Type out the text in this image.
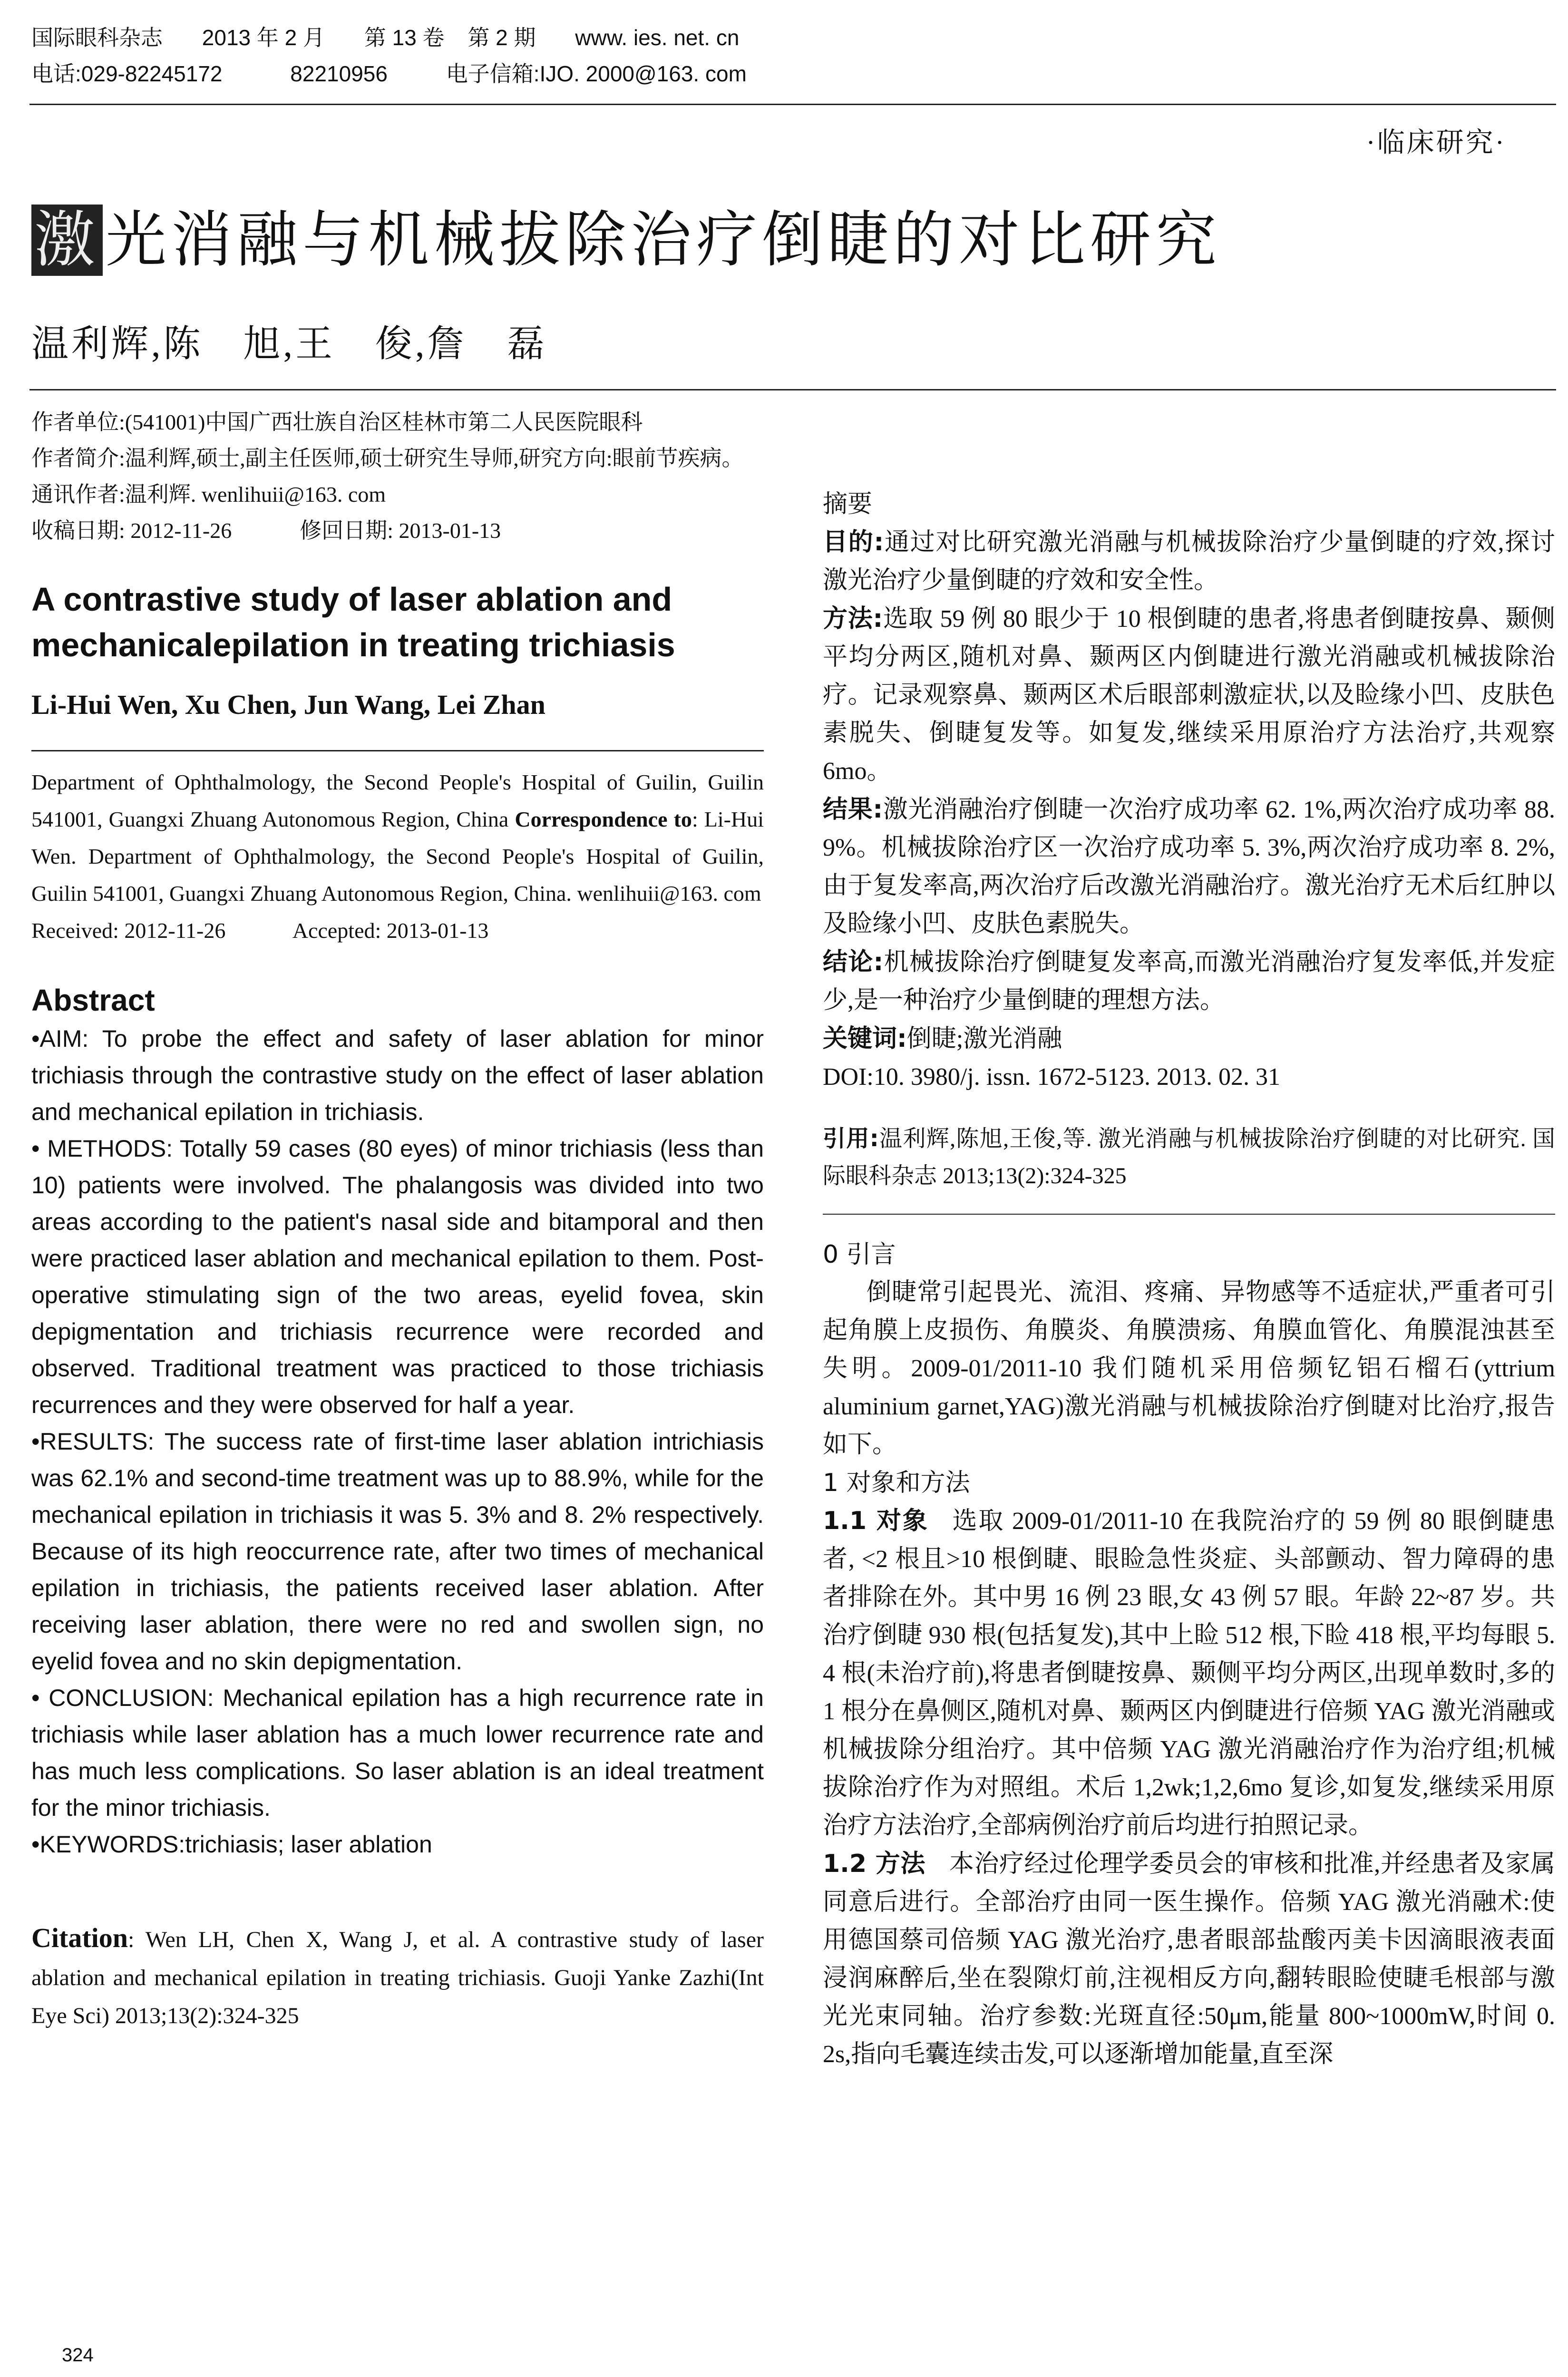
国际眼科杂志 2013 年 2 月 第 13 卷 第 2 期 www. ies. net. cn
电话:029-82245172	82210956	电子信箱:IJO. 2000@163. com
·临床研究·
激光消融与机械拔除治疗倒睫的对比研究
温利辉,陈　旭,王　俊,詹　磊

作者单位:(541001)中国广西壮族自治区桂林市第二人民医院眼科

作者简介:温利辉,硕士,副主任医师,硕士研究生导师,研究方向:眼前节疾病。

通讯作者:温利辉. wenlihuii@163. com

收稿日期: 2012-11-26	修回日期: 2013-01-13

A contrastive study of laser ablation and mechanicalepilation in treating trichiasis
Li-Hui Wen, Xu Chen, Jun Wang, Lei Zhan
Department of Ophthalmology, the Second People's Hospital of Guilin, Guilin 541001, Guangxi Zhuang Autonomous Region, China Correspondence to: Li-Hui Wen. Department of Ophthalmology, the Second People's Hospital of Guilin, Guilin 541001, Guangxi Zhuang Autonomous Region, China. wenlihuii@163. com
Received: 2012-11-26	Accepted: 2013-01-13
Abstract

•AIM: To probe the effect and safety of laser ablation for minor trichiasis through the contrastive study on the effect of laser ablation and mechanical epilation in trichiasis.

• METHODS: Totally 59 cases (80 eyes) of minor trichiasis (less than 10) patients were involved. The phalangosis was divided into two areas according to the patient's nasal side and bitamporal and then were practiced laser ablation and mechanical epilation to them. Post-operative stimulating sign of the two areas, eyelid fovea, skin depigmentation and trichiasis recurrence were recorded and observed. Traditional treatment was practiced to those trichiasis recurrences and they were observed for half a year.

•RESULTS: The success rate of first-time laser ablation intrichiasis was 62.1% and second-time treatment was up to 88.9%, while for the mechanical epilation in trichiasis it was 5. 3% and 8. 2% respectively. Because of its high reoccurrence rate, after two times of mechanical epilation in trichiasis, the patients received laser ablation. After receiving laser ablation, there were no red and swollen sign, no eyelid fovea and no skin depigmentation.

• CONCLUSION: Mechanical epilation has a high recurrence rate in trichiasis while laser ablation has a much lower recurrence rate and has much less complications. So laser ablation is an ideal treatment for the minor trichiasis.

•KEYWORDS:trichiasis; laser ablation

Citation: Wen LH, Chen X, Wang J, et al. A contrastive study of laser ablation and mechanical epilation in treating trichiasis. Guoji Yanke Zazhi(Int Eye Sci) 2013;13(2):324-325
324
摘要

目的:通过对比研究激光消融与机械拔除治疗少量倒睫的疗效,探讨激光治疗少量倒睫的疗效和安全性。

方法:选取 59 例 80 眼少于 10 根倒睫的患者,将患者倒睫按鼻、颞侧平均分两区,随机对鼻、颞两区内倒睫进行激光消融或机械拔除治疗。记录观察鼻、颞两区术后眼部刺激症状,以及睑缘小凹、皮肤色素脱失、倒睫复发等。如复发,继续采用原治疗方法治疗,共观察 6mo。

结果:激光消融治疗倒睫一次治疗成功率 62. 1%,两次治疗成功率 88. 9%。机械拔除治疗区一次治疗成功率 5. 3%,两次治疗成功率 8. 2%,由于复发率高,两次治疗后改激光消融治疗。激光治疗无术后红肿以及睑缘小凹、皮肤色素脱失。

结论:机械拔除治疗倒睫复发率高,而激光消融治疗复发率低,并发症少,是一种治疗少量倒睫的理想方法。

关键词:倒睫;激光消融

DOI:10. 3980/j. issn. 1672-5123. 2013. 02. 31

引用:温利辉,陈旭,王俊,等. 激光消融与机械拔除治疗倒睫的对比研究. 国际眼科杂志 2013;13(2):324-325

0 引言

倒睫常引起畏光、流泪、疼痛、异物感等不适症状,严重者可引起角膜上皮损伤、角膜炎、角膜溃疡、角膜血管化、角膜混浊甚至失明。2009-01/2011-10 我们随机采用倍频钇铝石榴石(yttrium aluminium garnet,YAG)激光消融与机械拔除治疗倒睫对比治疗,报告如下。

1 对象和方法

1.1 对象 选取 2009-01/2011-10 在我院治疗的 59 例 80 眼倒睫患者, <2 根且>10 根倒睫、眼睑急性炎症、头部颤动、智力障碍的患者排除在外。其中男 16 例 23 眼,女 43 例 57 眼。年龄 22~87 岁。共治疗倒睫 930 根(包括复发),其中上睑 512 根,下睑 418 根,平均每眼 5. 4 根(未治疗前),将患者倒睫按鼻、颞侧平均分两区,出现单数时,多的 1 根分在鼻侧区,随机对鼻、颞两区内倒睫进行倍频 YAG 激光消融或机械拔除分组治疗。其中倍频 YAG 激光消融治疗作为治疗组;机械拔除治疗作为对照组。术后 1,2wk;1,2,6mo 复诊,如复发,继续采用原治疗方法治疗,全部病例治疗前后均进行拍照记录。

1.2 方法 本治疗经过伦理学委员会的审核和批准,并经患者及家属同意后进行。全部治疗由同一医生操作。倍频 YAG 激光消融术:使用德国蔡司倍频 YAG 激光治疗,患者眼部盐酸丙美卡因滴眼液表面浸润麻醉后,坐在裂隙灯前,注视相反方向,翻转眼睑使睫毛根部与激光光束同轴。治疗参数:光斑直径:50μm,能量 800~1000mW,时间 0. 2s,指向毛囊连续击发,可以逐渐增加能量,直至深
